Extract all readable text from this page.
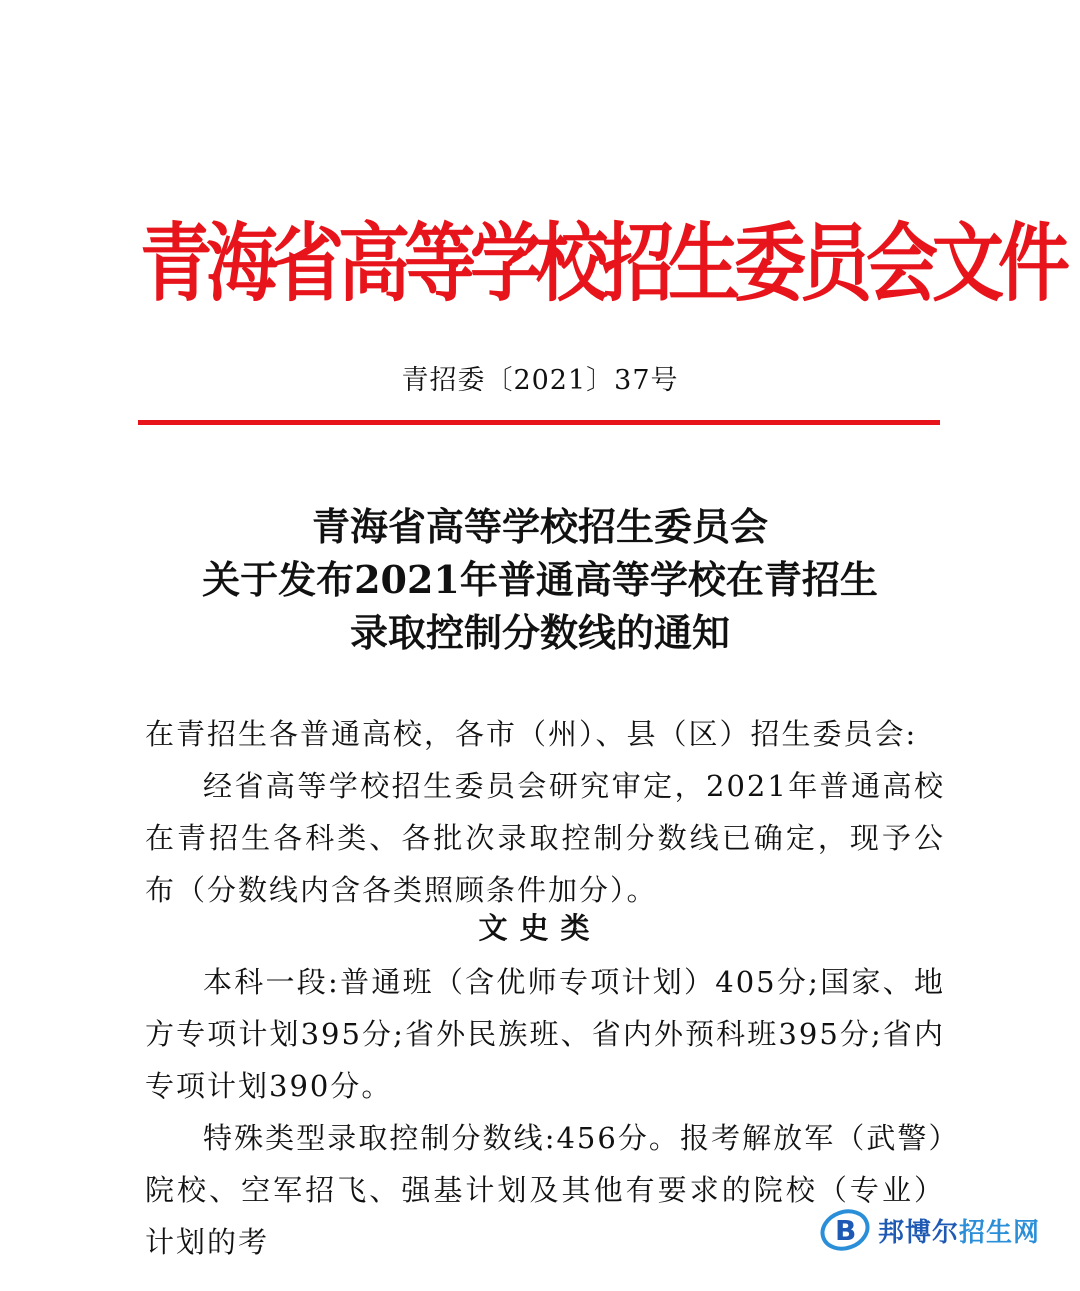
青海省高等学校招生委员会文件
青招委〔2021〕37号
青海省高等学校招生委员会
关于发布2021年普通高等学校在青招生
录取控制分数线的通知
在青招生各普通高校，各市（州）、县（区）招生委员会:
经省高等学校招生委员会研究审定，2021年普通高校在青招生各科类、各批次录取控制分数线已确定，现予公布（分数线内含各类照顾条件加分）。
文史类
本科一段:普通班（含优师专项计划）405分;国家、地方专项计划395分;省外民族班、省内外预科班395分;省内专项计划390分。
特殊类型录取控制分数线:456分。报考解放军（武警）院校、空军招飞、强基计划及其他有要求的院校（专业）计划的考	B 邦博尔招生网
